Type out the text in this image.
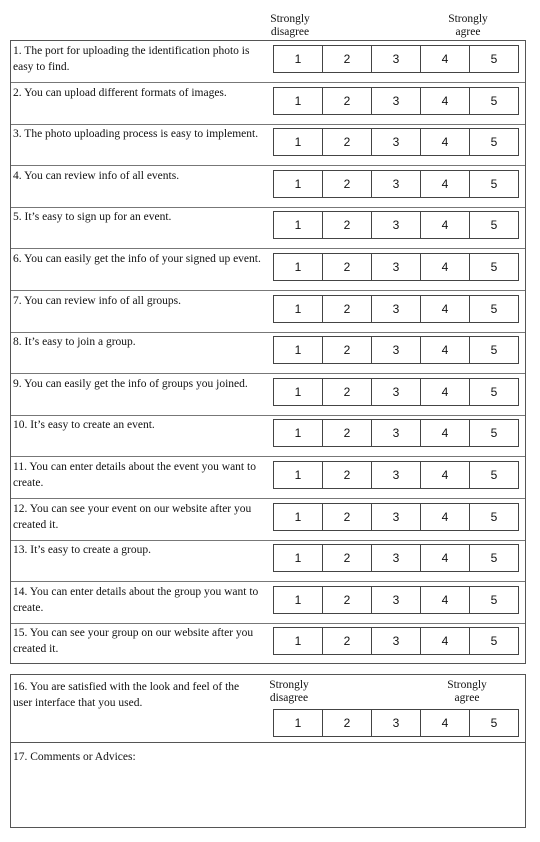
Strongly
disagree
Strongly
agree
1. The port for uploading the identification photo is easy to find.
1	2	3	4	5
2. You can upload different formats of images.
1	2	3	4	5
3. The photo uploading process is easy to implement.
1	2	3	4	5
4. You can review info of all events.
1	2	3	4	5
5. It’s easy to sign up for an event.
1	2	3	4	5
6. You can easily get the info of your signed up event.
1	2	3	4	5
7. You can review info of all groups.
1	2	3	4	5
8. It’s easy to join a group.
1	2	3	4	5
9. You can easily get the info of groups you joined.
1	2	3	4	5
10. It’s easy to create an event.
1	2	3	4	5
11. You can enter details about the event you want to create.
1	2	3	4	5
12. You can see your event on our website after you created it.
1	2	3	4	5
13. It’s easy to create a group.
1	2	3	4	5
14. You can enter details about the group you want to create.
1	2	3	4	5
15. You can see your group on our website after you created it.
1	2	3	4	5
16. You are satisfied with the look and feel of the user interface that you used.
Strongly
disagree
Strongly
agree
1	2	3	4	5
17. Comments or Advices:
